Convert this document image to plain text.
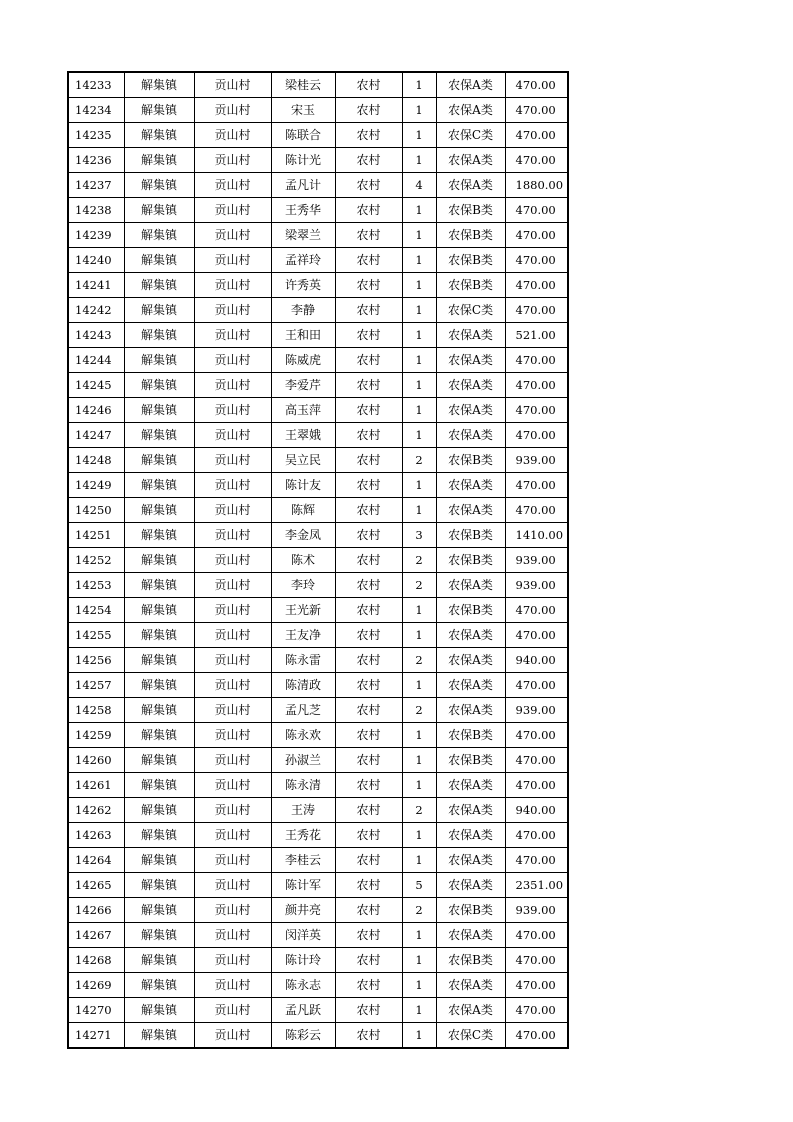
14233	解集镇	贡山村	梁桂云	农村	1	农保A类	470.00
14234	解集镇	贡山村	宋玉	农村	1	农保A类	470.00
14235	解集镇	贡山村	陈联合	农村	1	农保C类	470.00
14236	解集镇	贡山村	陈计光	农村	1	农保A类	470.00
14237	解集镇	贡山村	孟凡计	农村	4	农保A类	1880.00
14238	解集镇	贡山村	王秀华	农村	1	农保B类	470.00
14239	解集镇	贡山村	梁翠兰	农村	1	农保B类	470.00
14240	解集镇	贡山村	孟祥玲	农村	1	农保B类	470.00
14241	解集镇	贡山村	许秀英	农村	1	农保B类	470.00
14242	解集镇	贡山村	李静	农村	1	农保C类	470.00
14243	解集镇	贡山村	王和田	农村	1	农保A类	521.00
14244	解集镇	贡山村	陈威虎	农村	1	农保A类	470.00
14245	解集镇	贡山村	李爱芹	农村	1	农保A类	470.00
14246	解集镇	贡山村	高玉萍	农村	1	农保A类	470.00
14247	解集镇	贡山村	王翠娥	农村	1	农保A类	470.00
14248	解集镇	贡山村	吴立民	农村	2	农保B类	939.00
14249	解集镇	贡山村	陈计友	农村	1	农保A类	470.00
14250	解集镇	贡山村	陈辉	农村	1	农保A类	470.00
14251	解集镇	贡山村	李金凤	农村	3	农保B类	1410.00
14252	解集镇	贡山村	陈术	农村	2	农保B类	939.00
14253	解集镇	贡山村	李玲	农村	2	农保A类	939.00
14254	解集镇	贡山村	王光新	农村	1	农保B类	470.00
14255	解集镇	贡山村	王友净	农村	1	农保A类	470.00
14256	解集镇	贡山村	陈永雷	农村	2	农保A类	940.00
14257	解集镇	贡山村	陈清政	农村	1	农保A类	470.00
14258	解集镇	贡山村	孟凡芝	农村	2	农保A类	939.00
14259	解集镇	贡山村	陈永欢	农村	1	农保B类	470.00
14260	解集镇	贡山村	孙淑兰	农村	1	农保B类	470.00
14261	解集镇	贡山村	陈永清	农村	1	农保A类	470.00
14262	解集镇	贡山村	王涛	农村	2	农保A类	940.00
14263	解集镇	贡山村	王秀花	农村	1	农保A类	470.00
14264	解集镇	贡山村	李桂云	农村	1	农保A类	470.00
14265	解集镇	贡山村	陈计军	农村	5	农保A类	2351.00
14266	解集镇	贡山村	颜井亮	农村	2	农保B类	939.00
14267	解集镇	贡山村	闵洋英	农村	1	农保A类	470.00
14268	解集镇	贡山村	陈计玲	农村	1	农保B类	470.00
14269	解集镇	贡山村	陈永志	农村	1	农保A类	470.00
14270	解集镇	贡山村	孟凡跃	农村	1	农保A类	470.00
14271	解集镇	贡山村	陈彩云	农村	1	农保C类	470.00
